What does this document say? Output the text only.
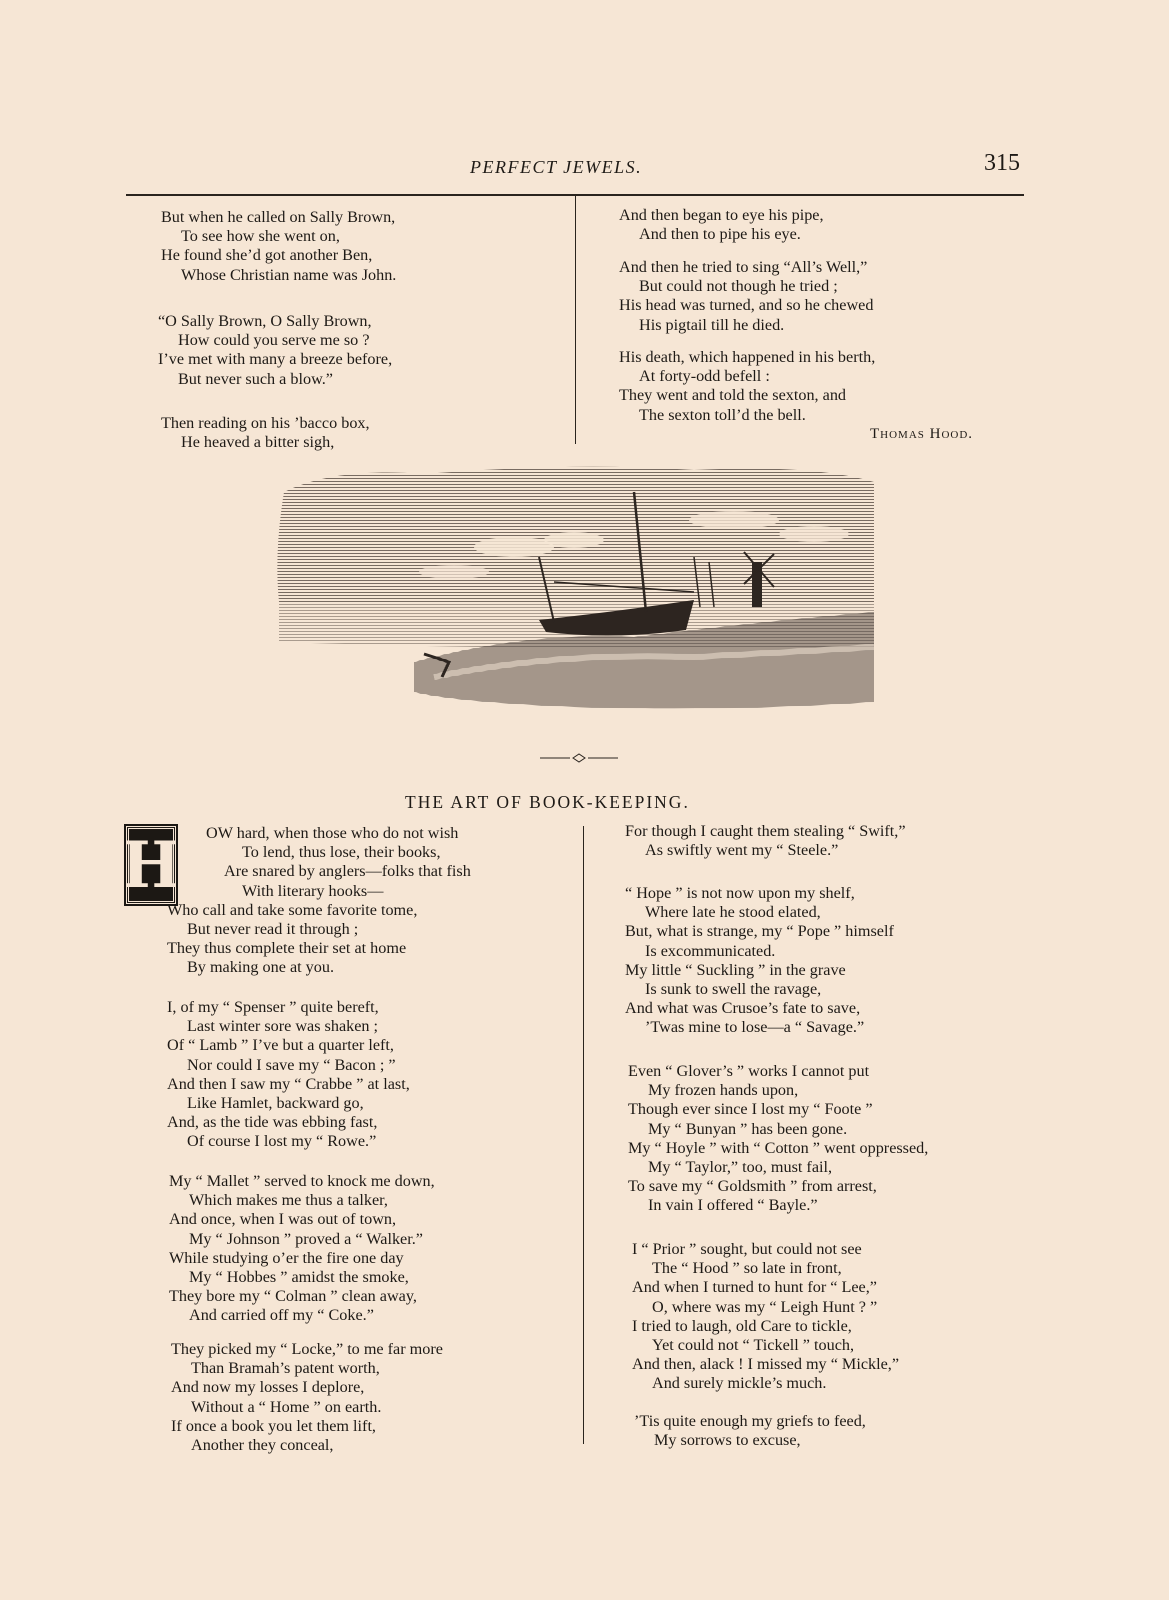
PERFECT JEWELS.	315
But when he called on Sally Brown,
To see how she went on,
He found she’d got another Ben,
Whose Christian name was John.
“O Sally Brown, O Sally Brown,
How could you serve me so ?
I’ve met with many a breeze before,
But never such a blow.”
Then reading on his ’bacco box,
He heaved a bitter sigh,
And then began to eye his pipe,
And then to pipe his eye.
And then he tried to sing “All’s Well,”
But could not though he tried ;
His head was turned, and so he chewed
His pigtail till he died.
His death, which happened in his berth,
At forty-odd befell :
They went and told the sexton, and
The sexton toll’d the bell.
Thomas Hood.
THE ART OF BOOK-KEEPING.
H	OW hard, when those who do not wish
To lend, thus lose, their books,
Are snared by anglers—folks that fish
With literary hooks—
Who call and take some favorite tome,
But never read it through ;
They thus complete their set at home
By making one at you.
I, of my “ Spenser ” quite bereft,
Last winter sore was shaken ;
Of “ Lamb ” I’ve but a quarter left,
Nor could I save my “ Bacon ; ”
And then I saw my “ Crabbe ” at last,
Like Hamlet, backward go,
And, as the tide was ebbing fast,
Of course I lost my “ Rowe.”
My “ Mallet ” served to knock me down,
Which makes me thus a talker,
And once, when I was out of town,
My “ Johnson ” proved a “ Walker.”
While studying o’er the fire one day
My “ Hobbes ” amidst the smoke,
They bore my “ Colman ” clean away,
And carried off my “ Coke.”
They picked my “ Locke,” to me far more
Than Bramah’s patent worth,
And now my losses I deplore,
Without a “ Home ” on earth.
If once a book you let them lift,
Another they conceal,
For though I caught them stealing “ Swift,”
As swiftly went my “ Steele.”
“ Hope ” is not now upon my shelf,
Where late he stood elated,
But, what is strange, my “ Pope ” himself
Is excommunicated.
My little “ Suckling ” in the grave
Is sunk to swell the ravage,
And what was Crusoe’s fate to save,
’Twas mine to lose—a “ Savage.”
Even “ Glover’s ” works I cannot put
My frozen hands upon,
Though ever since I lost my “ Foote ”
My “ Bunyan ” has been gone.
My “ Hoyle ” with “ Cotton ” went oppressed,
My “ Taylor,” too, must fail,
To save my “ Goldsmith ” from arrest,
In vain I offered “ Bayle.”
I “ Prior ” sought, but could not see
The “ Hood ” so late in front,
And when I turned to hunt for “ Lee,”
O, where was my “ Leigh Hunt ? ”
I tried to laugh, old Care to tickle,
Yet could not “ Tickell ” touch,
And then, alack ! I missed my “ Mickle,”
And surely mickle’s much.
’Tis quite enough my griefs to feed,
My sorrows to excuse,
